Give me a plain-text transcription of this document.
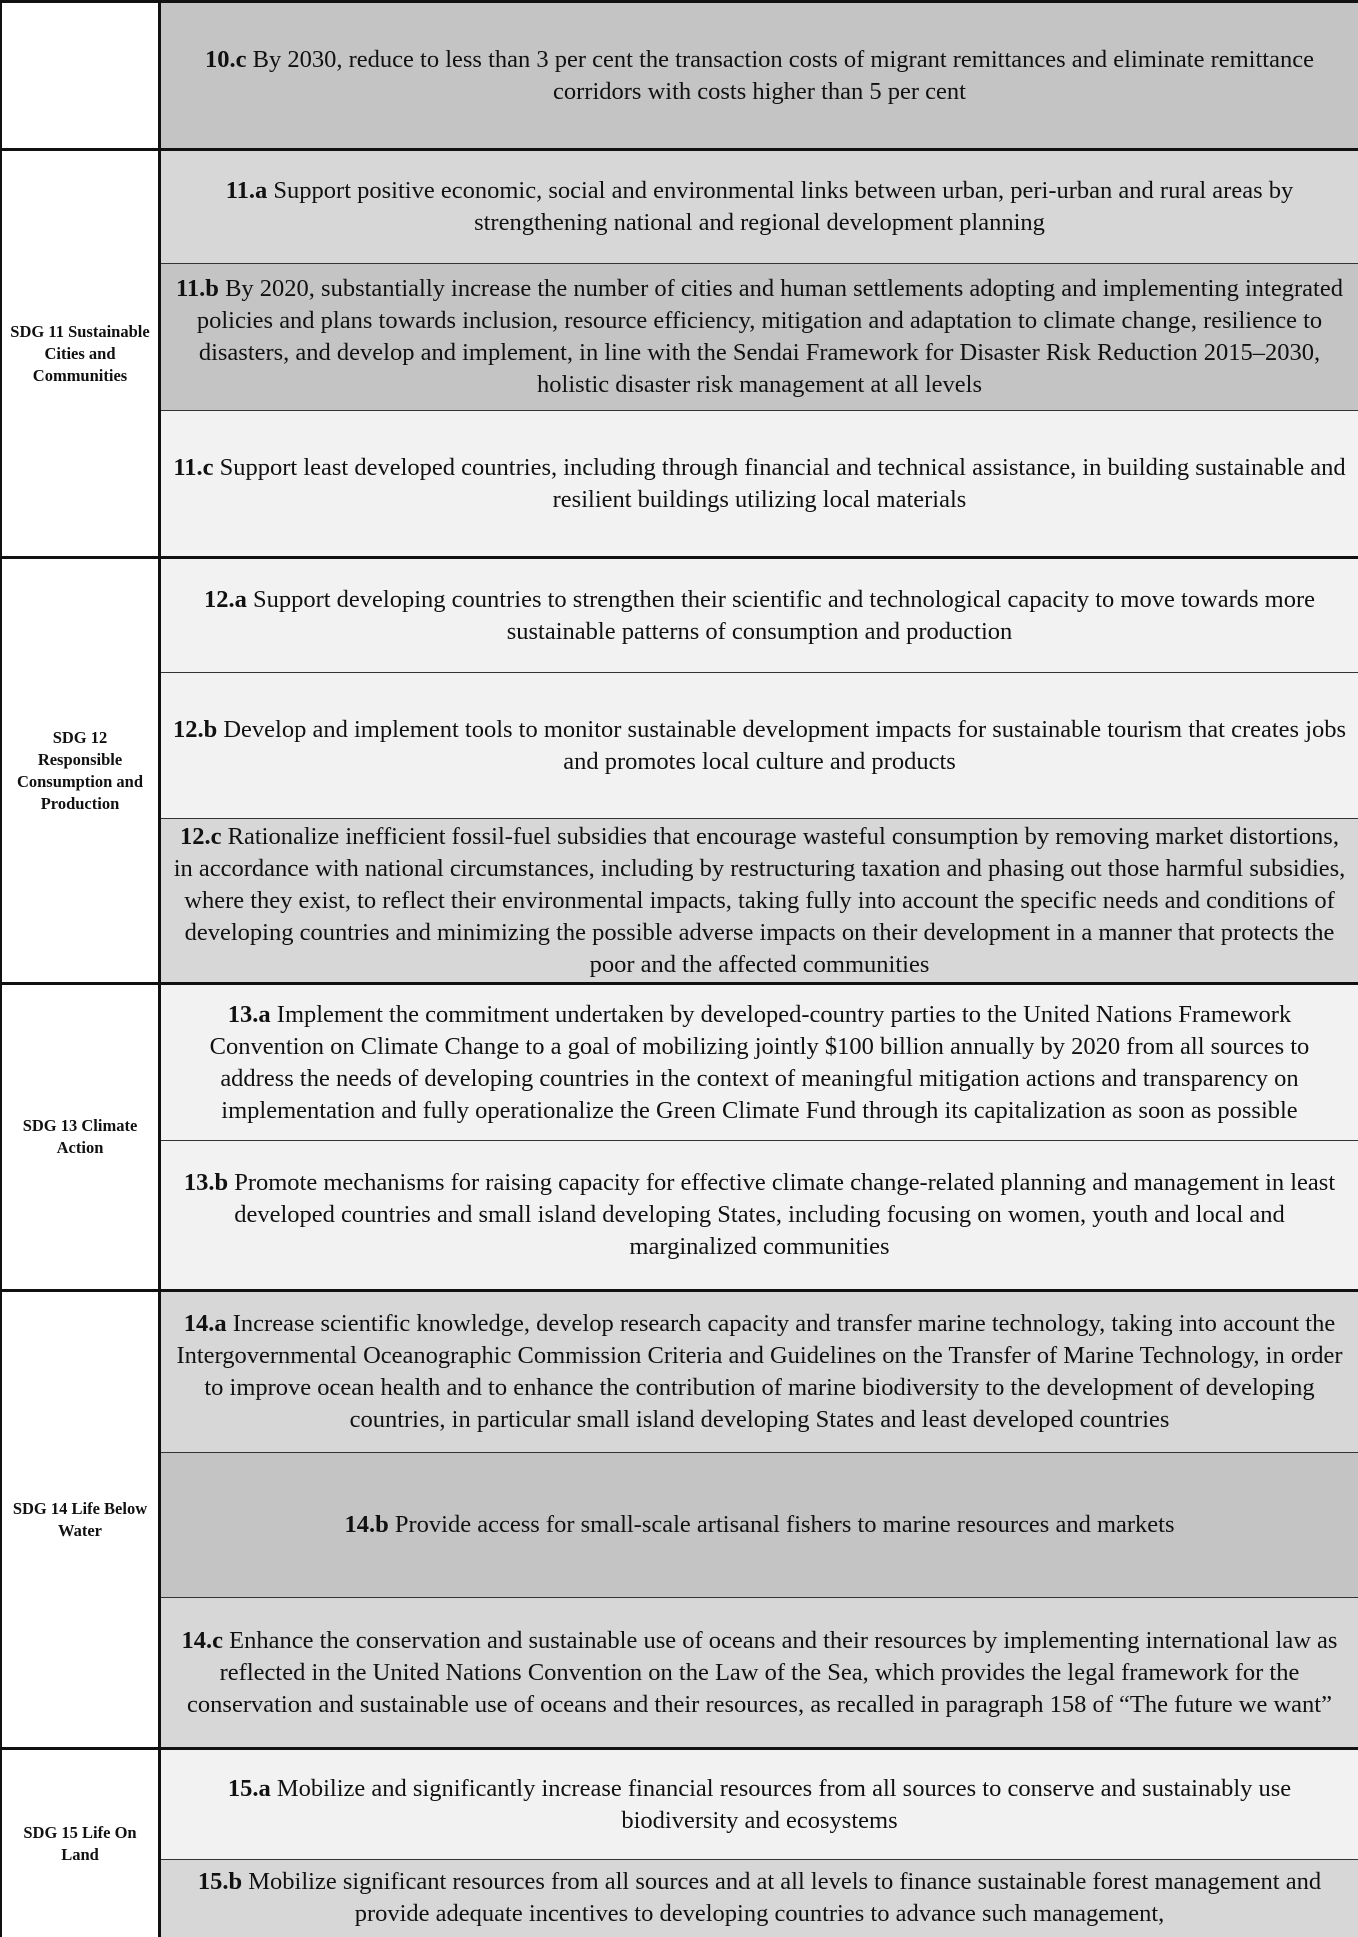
10.c By 2030, reduce to less than 3 per cent the transaction costs of migrant remittances and eliminate remittance corridors with costs higher than 5 per cent

SDG 11 Sustainable Cities and Communities

11.a Support positive economic, social and environmental links between urban, peri-urban and rural areas by strengthening national and regional development planning

11.b By 2020, substantially increase the number of cities and human settlements adopting and implementing integrated policies and plans towards inclusion, resource efficiency, mitigation and adaptation to climate change, resilience to disasters, and develop and implement, in line with the Sendai Framework for Disaster Risk Reduction 2015–2030, holistic disaster risk management at all levels

11.c Support least developed countries, including through financial and technical assistance, in building sustainable and resilient buildings utilizing local materials

SDG 12 Responsible Consumption and Production

12.a Support developing countries to strengthen their scientific and technological capacity to move towards more sustainable patterns of consumption and production

12.b Develop and implement tools to monitor sustainable development impacts for sustainable tourism that creates jobs and promotes local culture and products

12.c Rationalize inefficient fossil-fuel subsidies that encourage wasteful consumption by removing market distortions, in accordance with national circumstances, including by restructuring taxation and phasing out those harmful subsidies, where they exist, to reflect their environmental impacts, taking fully into account the specific needs and conditions of developing countries and minimizing the possible adverse impacts on their development in a manner that protects the poor and the affected communities

SDG 13 Climate Action

13.a Implement the commitment undertaken by developed-country parties to the United Nations Framework Convention on Climate Change to a goal of mobilizing jointly $100 billion annually by 2020 from all sources to address the needs of developing countries in the context of meaningful mitigation actions and transparency on implementation and fully operationalize the Green Climate Fund through its capitalization as soon as possible

13.b Promote mechanisms for raising capacity for effective climate change-related planning and management in least developed countries and small island developing States, including focusing on women, youth and local and marginalized communities

SDG 14 Life Below Water

14.a Increase scientific knowledge, develop research capacity and transfer marine technology, taking into account the Intergovernmental Oceanographic Commission Criteria and Guidelines on the Transfer of Marine Technology, in order to improve ocean health and to enhance the contribution of marine biodiversity to the development of developing countries, in particular small island developing States and least developed countries

14.b Provide access for small-scale artisanal fishers to marine resources and markets

14.c Enhance the conservation and sustainable use of oceans and their resources by implementing international law as reflected in the United Nations Convention on the Law of the Sea, which provides the legal framework for the conservation and sustainable use of oceans and their resources, as recalled in paragraph 158 of “The future we want”

SDG 15 Life On Land

15.a Mobilize and significantly increase financial resources from all sources to conserve and sustainably use biodiversity and ecosystems

15.b Mobilize significant resources from all sources and at all levels to finance sustainable forest management and provide adequate incentives to developing countries to advance such management,
